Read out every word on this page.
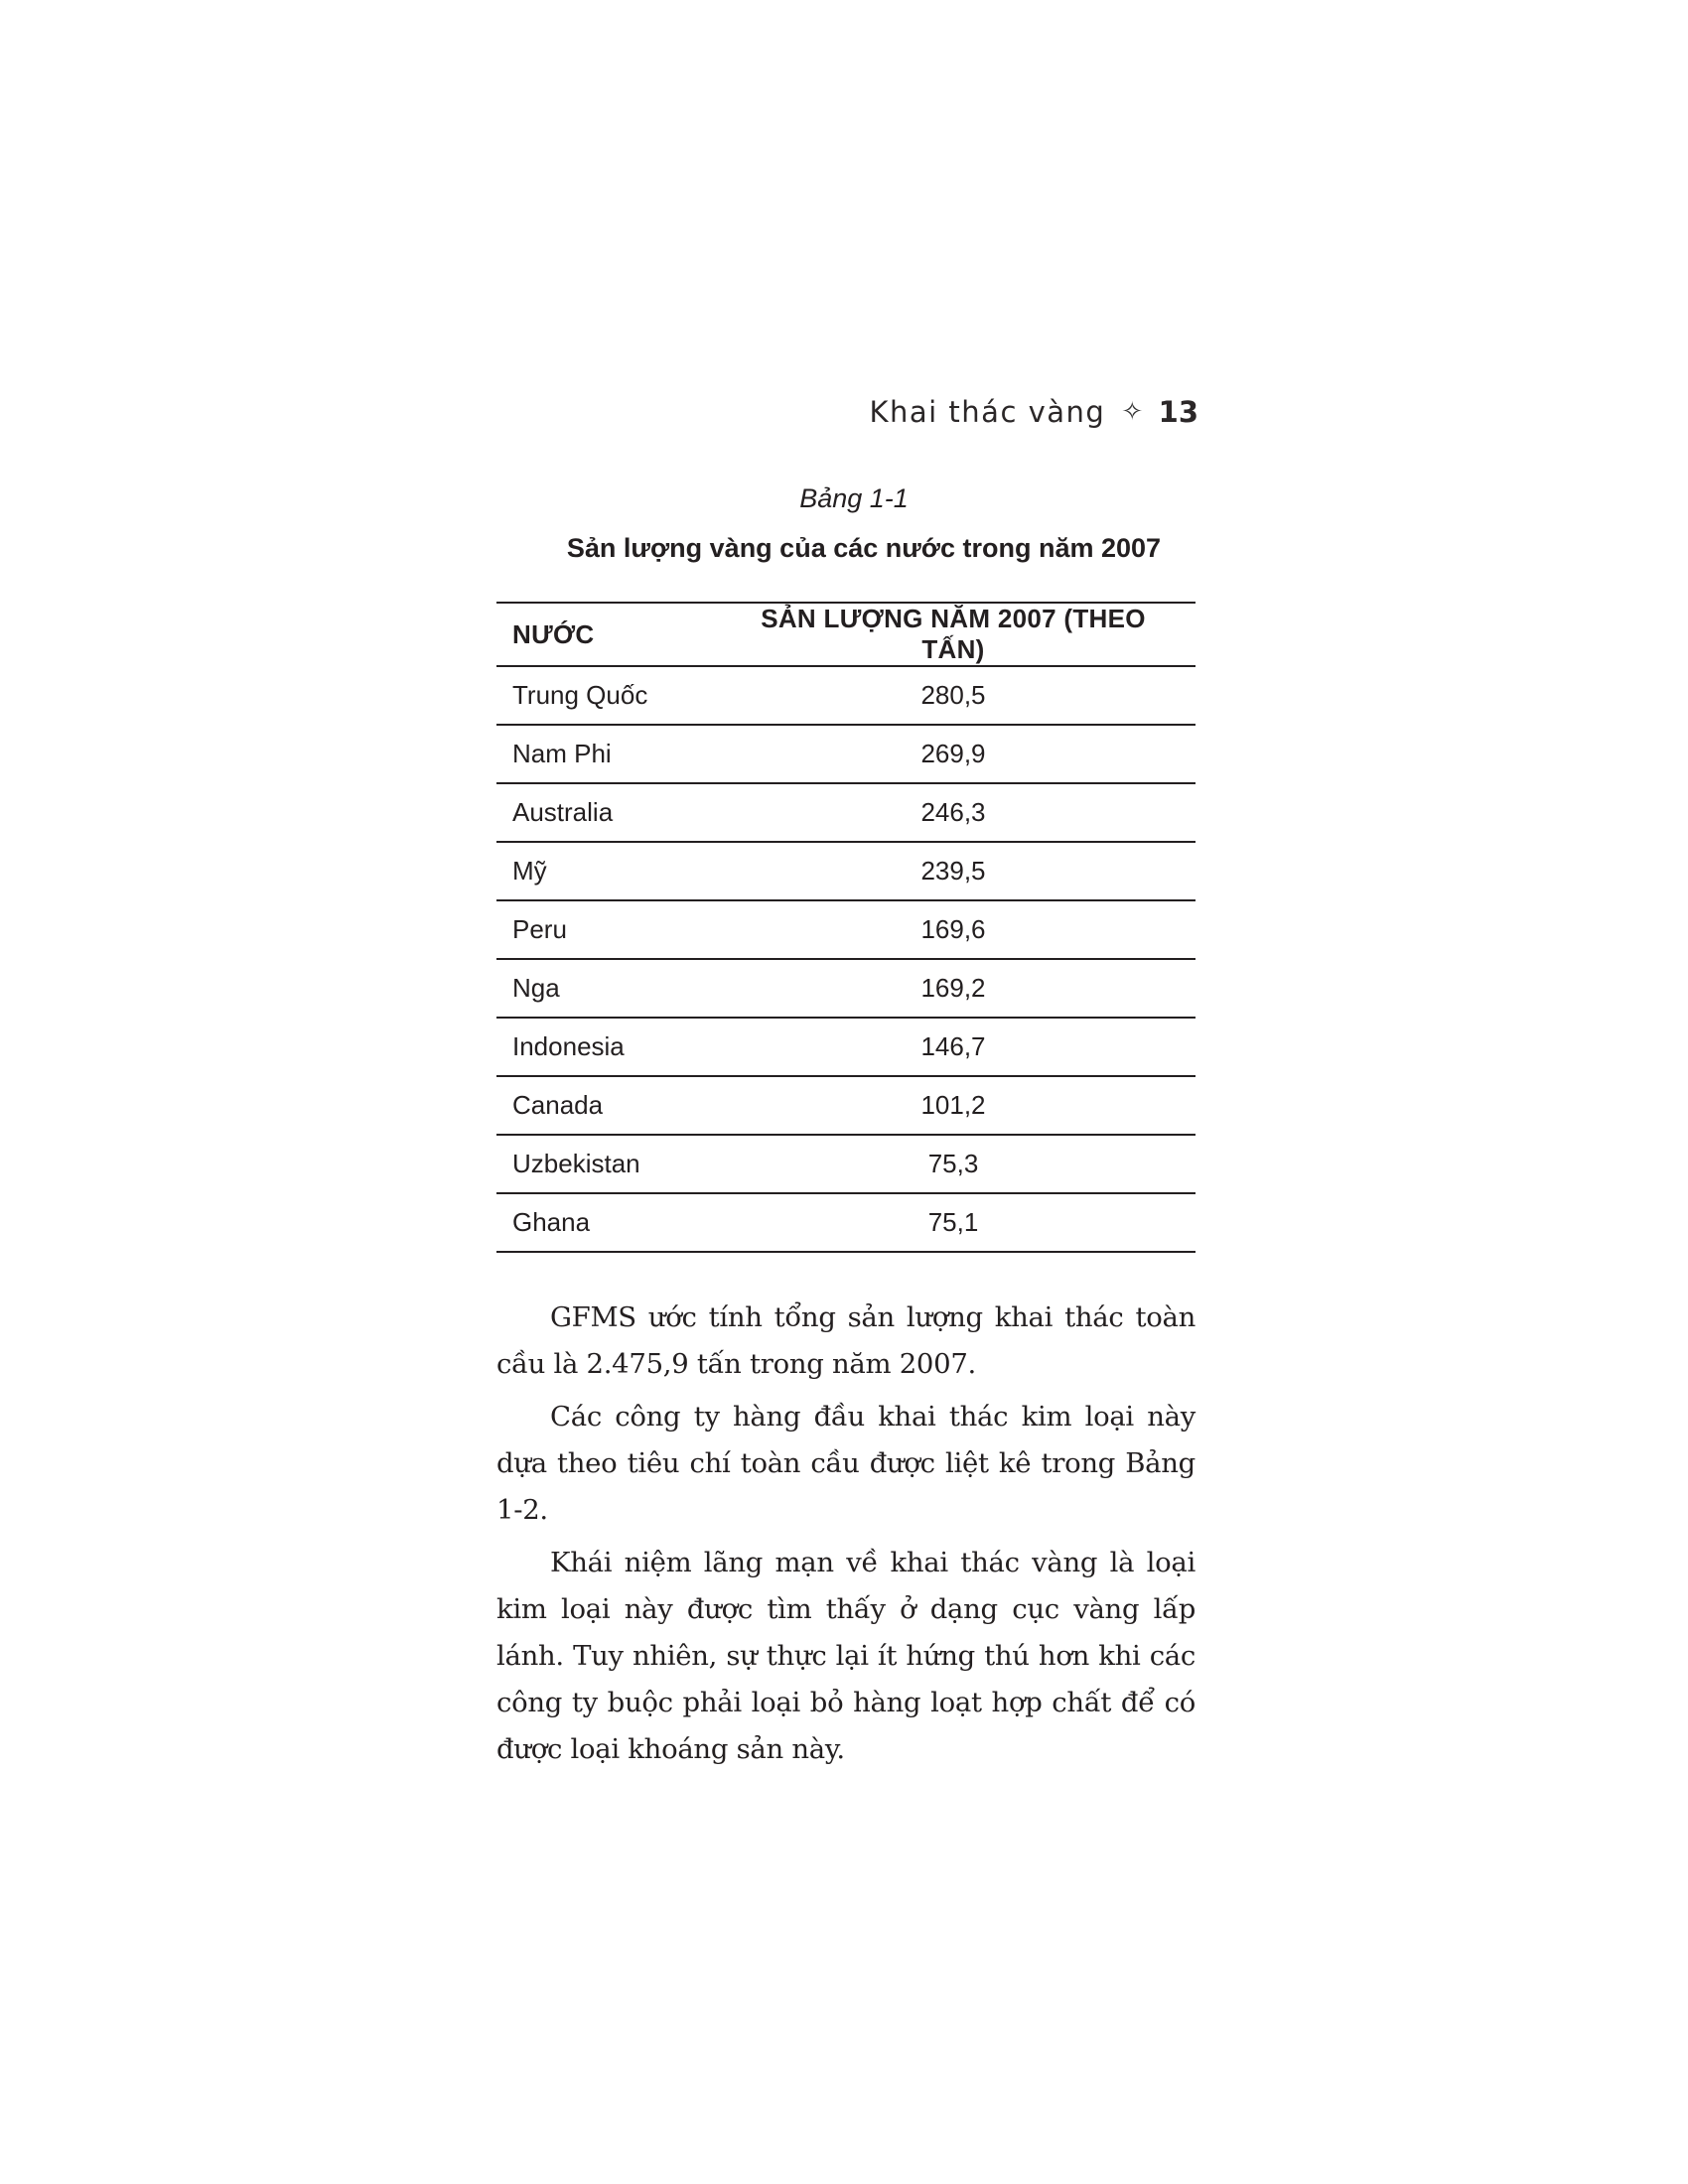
Khai thác vàng ✧ 13
Bảng 1-1
Sản lượng vàng của các nước trong năm 2007
NƯỚC	SẢN LƯỢNG NĂM 2007 (THEO TẤN)
Trung Quốc	280,5
Nam Phi	269,9
Australia	246,3
Mỹ	239,5
Peru	169,6
Nga	169,2
Indonesia	146,7
Canada	101,2
Uzbekistan	75,3
Ghana	75,1

GFMS ước tính tổng sản lượng khai thác toàn cầu là 2.475,9 tấn trong năm 2007.

Các công ty hàng đầu khai thác kim loại này dựa theo tiêu chí toàn cầu được liệt kê trong Bảng 1-2.

Khái niệm lãng mạn về khai thác vàng là loại kim loại này được tìm thấy ở dạng cục vàng lấp lánh. Tuy nhiên, sự thực lại ít hứng thú hơn khi các công ty buộc phải loại bỏ hàng loạt hợp chất để có được loại khoáng sản này.
